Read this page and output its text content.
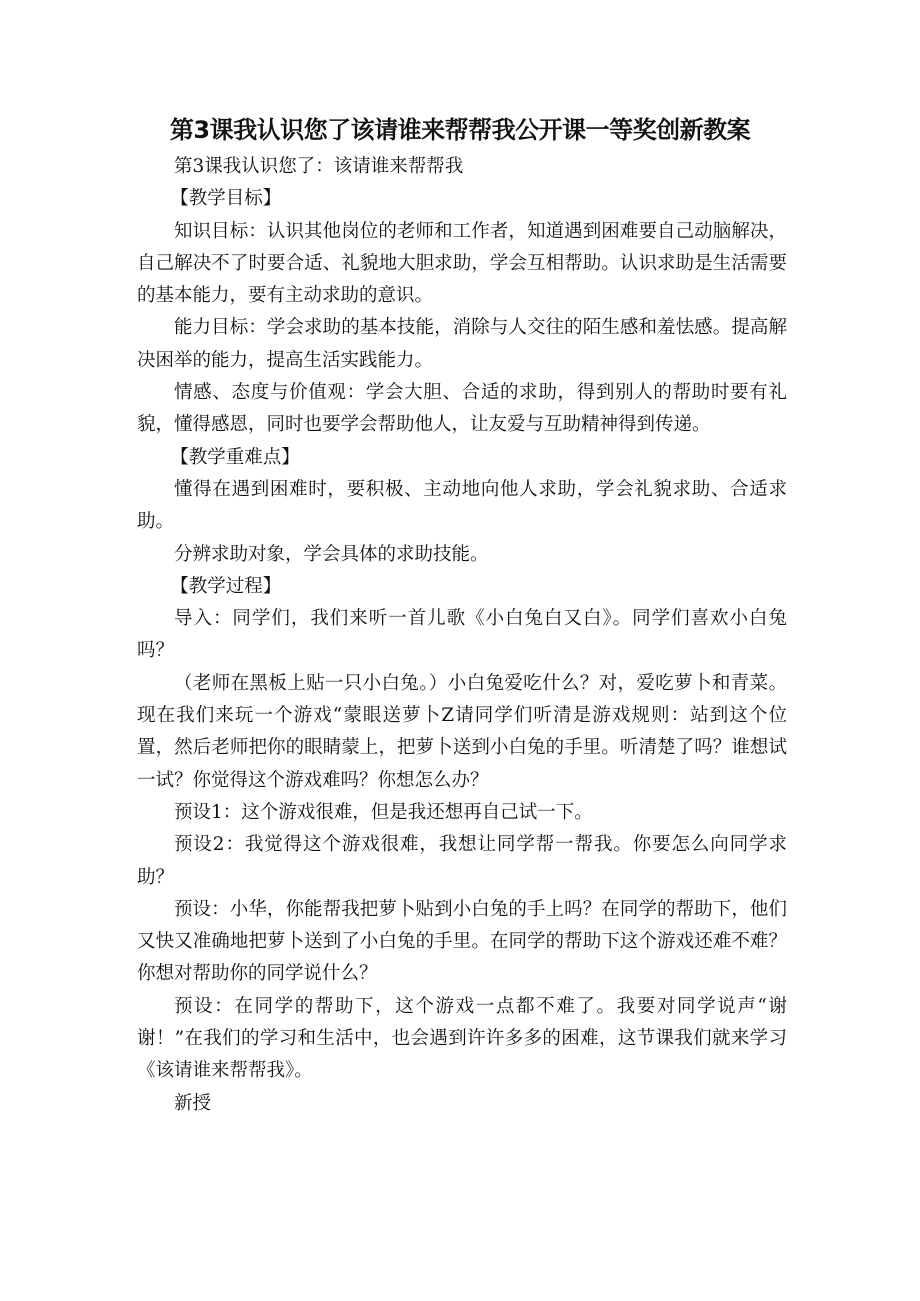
第3课我认识您了该请谁来帮帮我公开课一等奖创新教案

第3课我认识您了：该请谁来帮帮我

【教学目标】

知识目标：认识其他岗位的老师和工作者，知道遇到困难要自己动脑解决，自己解决不了时要合适、礼貌地大胆求助，学会互相帮助。认识求助是生活需要的基本能力，要有主动求助的意识。

能力目标：学会求助的基本技能，消除与人交往的陌生感和羞怯感。提高解决困举的能力，提高生活实践能力。

情感、态度与价值观：学会大胆、合适的求助，得到别人的帮助时要有礼貌，懂得感恩，同时也要学会帮助他人，让友爱与互助精神得到传递。

【教学重难点】

懂得在遇到困难时，要积极、主动地向他人求助，学会礼貌求助、合适求助。

分辨求助对象，学会具体的求助技能。

【教学过程】

导入：同学们，我们来听一首儿歌《小白兔白又白》。同学们喜欢小白兔吗？

（老师在黑板上贴一只小白兔。）小白兔爱吃什么？对，爱吃萝卜和青菜。现在我们来玩一个游戏“蒙眼送萝卜Z请同学们听清是游戏规则：站到这个位置，然后老师把你的眼睛蒙上，把萝卜送到小白兔的手里。听清楚了吗？谁想试一试？你觉得这个游戏难吗？你想怎么办？

预设1：这个游戏很难，但是我还想再自己试一下。

预设2：我觉得这个游戏很难，我想让同学帮一帮我。你要怎么向同学求助？

预设：小华，你能帮我把萝卜贴到小白兔的手上吗？在同学的帮助下，他们又快又准确地把萝卜送到了小白兔的手里。在同学的帮助下这个游戏还难不难？你想对帮助你的同学说什么？

预设：在同学的帮助下，这个游戏一点都不难了。我要对同学说声“谢谢！”在我们的学习和生活中，也会遇到许许多多的困难，这节课我们就来学习《该请谁来帮帮我》。

新授
